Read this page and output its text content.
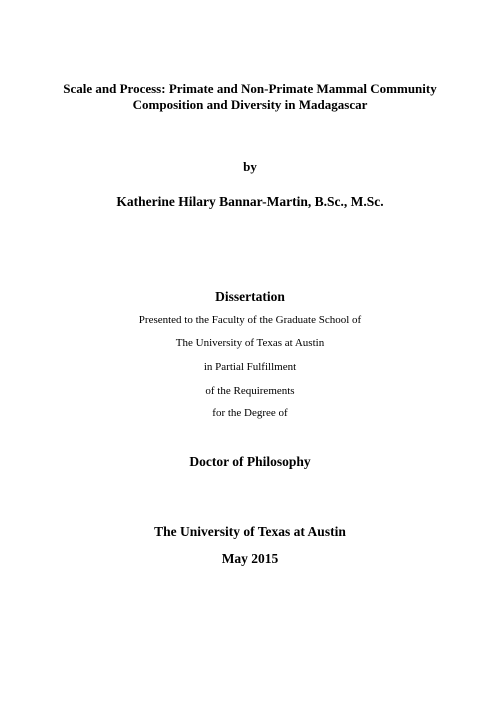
Scale and Process: Primate and Non-Primate Mammal Community
Composition and Diversity in Madagascar
by
Katherine Hilary Bannar-Martin, B.Sc., M.Sc.
Dissertation
Presented to the Faculty of the Graduate School of
The University of Texas at Austin
in Partial Fulfillment
of the Requirements
for the Degree of
Doctor of Philosophy
The University of Texas at Austin
May 2015
